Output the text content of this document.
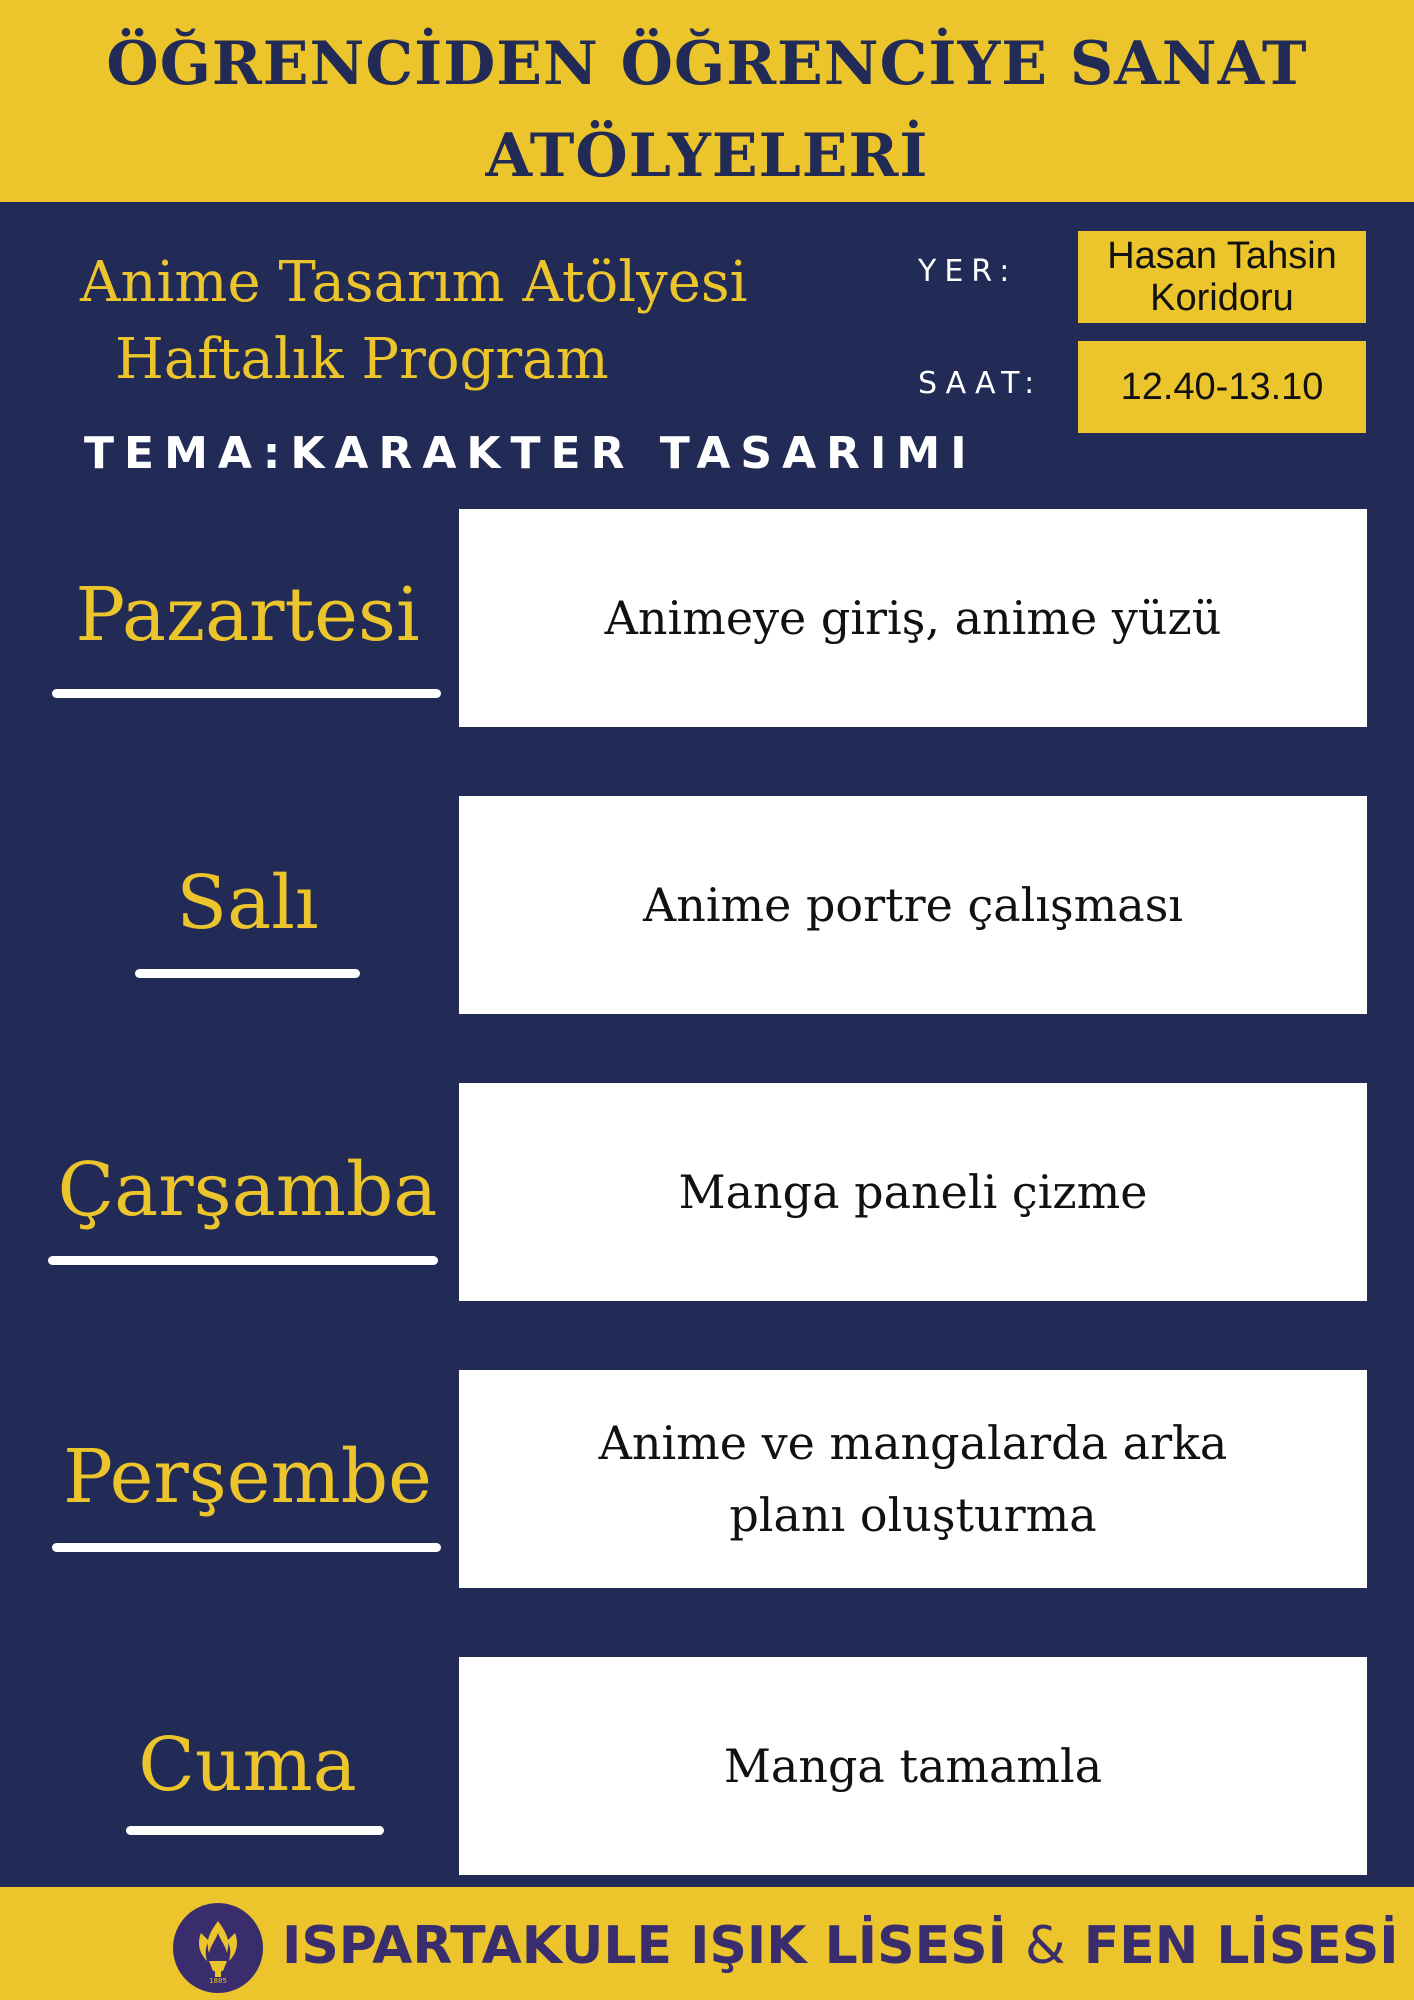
ÖĞRENCİDEN ÖĞRENCİYE SANAT ATÖLYELERİ
Anime Tasarım Atölyesi
Haftalık Program
YER:	Hasan Tahsin Koridoru
SAAT: 12.40-13.10
TEMA:KARAKTER TASARIMI
Pazartesi	Animeye giriş, anime yüzü
Salı	Anime portre çalışması
Çarşamba	Manga paneli çizme
Perşembe	Anime ve mangalarda arka planı oluşturma
Cuma	Manga tamamla
1885
ISPARTAKULE IŞIK LİSESİ & FEN LİSESİ
